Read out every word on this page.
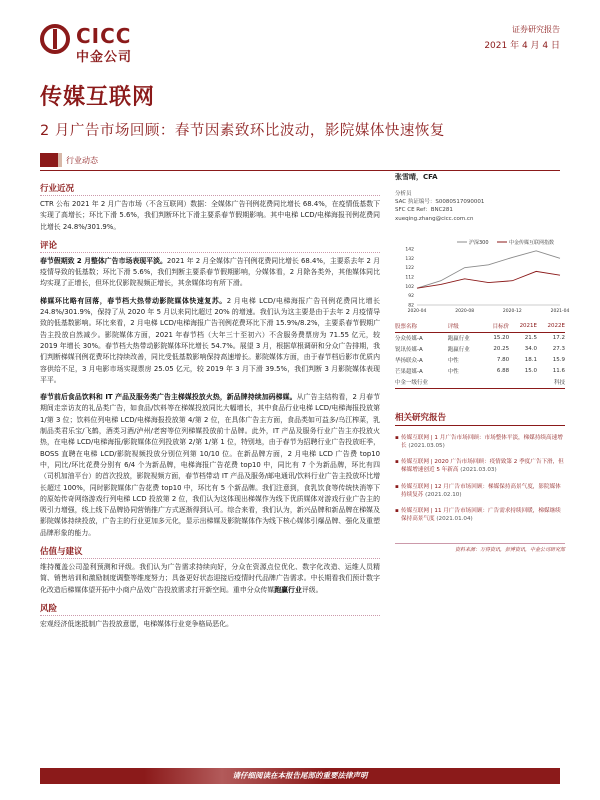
CICC
中金公司
证券研究报告
2021 年 4 月 4 日
传媒互联网
2 月广告市场回顾：春节因素致环比波动，影院媒体快速恢复
行业动态
行业近况

CTR 公布 2021 年 2 月广告市场（不含互联网）数据：全媒体广告刊例花费同比增长 68.4%，在疫情低基数下实现了高增长；环比下滑 5.6%，我们判断环比下滑主要系春节假期影响。其中电梯 LCD/电梯海报刊例花费同比增长 24.8%/301.9%。

评论

春节假期致 2 月整体广告市场表现平淡。2021 年 2 月全媒体广告刊例花费同比增长 68.4%，主要系去年 2 月疫情导致的低基数；环比下滑 5.6%，我们判断主要系春节假期影响，分媒体看，2 月除各类外，其他媒体同比均实现了正增长，但环比仅影院视频正增长，其余媒体均有所下滑。

梯媒环比略有回落，春节档大热带动影院媒体快速复苏。2 月电梯 LCD/电梯海报广告刊例花费同比增长 24.8%/301.9%，保持了从 2020 年 5 月以来同比超过 20% 的增速。我们认为这主要是由于去年 2 月疫情导致的低基数影响。环比来看，2 月电梯 LCD/电梯海报广告刊例花费环比下滑 15.9%/8.2%，主要系春节假期广告主投放自然减少。影院媒体方面，2021 年春节档（大年三十至初六）不含服务费票房为 71.55 亿元，较 2019 年增长 30%。春节档大热带动影院媒体环比增长 54.7%。展望 3 月，根据草根调研和分众广告排期，我们判断梯媒刊例花费环比持续改善，同比受低基数影响保持高速增长。影院媒体方面，由于春节档后影市优质内容供给不足，3 月电影市场实现票房 25.05 亿元，较 2019 年 3 月下滑 39.5%，我们判断 3 月影院媒体表现平平。

春节前后食品饮料和 IT 产品及服务类广告主梯媒投放火热，新品牌持续加码梯媒。从广告主结构看，2 月春节期间走亲访友的礼品类广告，如食品/饮料等在梯媒投放同比大幅增长，其中食品行业电梯 LCD/电梯海报投放第 1/第 3 位；饮料位列电梯 LCD/电梯海报投放第 4/第 2 位，在具体广告主方面，食品类如可益多/乌江榨菜，乳制品类君乐宝/飞鹤，酒类习酒/泸州/老窖等位列梯媒投放前十品牌。此外，IT 产品及服务行业广告主亦投放火热，在电梯 LCD/电梯海报/影院媒体位列投放第 2/第 1/第 1 位，特别地，由于春节为招聘行业广告投放旺季，BOSS 直聘在电梯 LCD/影院视频投放分别位列第 10/10 位。在新品牌方面，2 月电梯 LCD 广告费 top10 中，同比/环比花费分别有 6/4 个为新品牌，电梯海报广告花费 top10 中，同比有 7 个为新品牌，环比有四（司机加油平台）的首次投放，影院视频方面，春节档带动 IT 产品及服务/邮电通讯/饮料行业广告主投放环比增长超过 100%，同时影院媒体广告花费 top10 中，环比有 5 个新品牌。我们注意到，食乳饮食等传统快消等下的原始传奇网络游戏行列电梯 LCD 投放第 2 位，我们认为这体现出梯媒作为线下优质媒体对游戏行业广告主的吸引力增强，线上线下品牌协同营销推广方式逐渐得到认可。综合来看，我们认为，新兴品牌和新品牌在梯媒及影院媒体持续投放，广告主的行业更加多元化，显示出梯媒及影院媒体作为线下核心媒体引爆品牌、强化及重塑品牌形象的能力。

估值与建议

维持覆盖公司盈利预测和评级。我们认为广告需求持续向好，分众在资源点位优化、数字化改造、运维人员精简、销售培训和激励制度调整等维度努力；具备更好状态迎接后疫情时代品牌广告需求。中长期看我们预计数字化改造后梯媒体望开拓中小商户品效广告投放需求打开新空间。重申分众传媒跑赢行业评级。

风险

宏观经济低迷抵制广告投放意愿，电梯媒体行业竞争格局恶化。

张雪晴，CFA
分析员
SAC 执证编号：S0080517090001
SFC CE Ref：BNC281
xueqing.zhang@cicc.com.cn
沪深300	中金传媒互联网指数
142
132
122
112
102
92
82
2020-04	2020-08	2020-12	2021-04
股票名称	评级	目标价	2021E	2022E
分众传媒-A	跑赢行业	15.20	21.5	17.2
锐讯传媒-A	跑赢行业	20.25	34.0	27.3
华扬联众-A	中性	7.80	18.1	15.9
芒果超媒-A	中性	6.88	15.0	11.6
中金一级行业				科技
相关研究报告
▪ 传媒互联网 | 1 月广告市场回顾：市场整体平淡，梯媒持续高速增长 (2021.03.05)
▪ 传媒互联网 | 2020 广告市场回顾：疫情致第 2 季度广告下滑，但梯媒增速创近 5 年新高 (2021.03.03)
▪ 传媒互联网 | 12 月广告市场回顾：梯媒保持高景气度，影院媒体持续复苏 (2021.02.10)
▪ 传媒互联网 | 11 月广告市场回顾：广告需求持续回暖，梯媒继续保持高景气度 (2021.01.04)
资料来源：万得资讯，彭博资讯，中金公司研究部
请仔细阅读在本报告尾部的重要法律声明
